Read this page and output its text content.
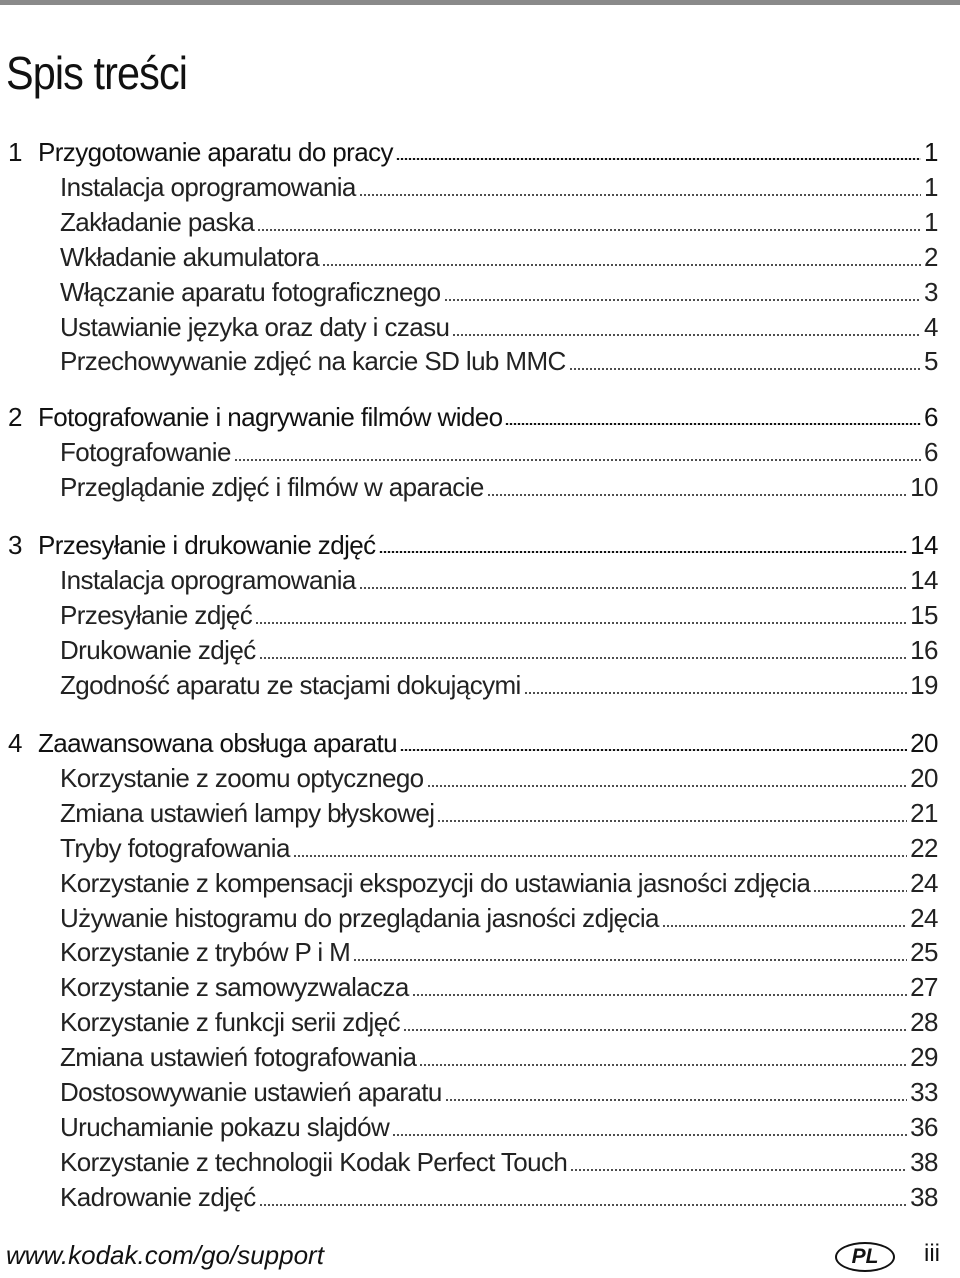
Spis treści
1 Przygotowanie aparatu do pracy	1
Instalacja oprogramowania	1
Zakładanie paska	1
Wkładanie akumulatora	2
Włączanie aparatu fotograficznego	3
Ustawianie języka oraz daty i czasu	4
Przechowywanie zdjęć na karcie SD lub MMC	5
2 Fotografowanie i nagrywanie filmów wideo	6
Fotografowanie	6
Przeglądanie zdjęć i filmów w aparacie	10
3 Przesyłanie i drukowanie zdjęć	14
Instalacja oprogramowania	14
Przesyłanie zdjęć	15
Drukowanie zdjęć	16
Zgodność aparatu ze stacjami dokującymi	19
4 Zaawansowana obsługa aparatu	20
Korzystanie z zoomu optycznego	20
Zmiana ustawień lampy błyskowej	21
Tryby fotografowania	22
Korzystanie z kompensacji ekspozycji do ustawiania jasności zdjęcia	24
Używanie histogramu do przeglądania jasności zdjęcia	24
Korzystanie z trybów P i M	25
Korzystanie z samowyzwalacza	27
Korzystanie z funkcji serii zdjęć	28
Zmiana ustawień fotografowania	29
Dostosowywanie ustawień aparatu	33
Uruchamianie pokazu slajdów	36
Korzystanie z technologii Kodak Perfect Touch	38
Kadrowanie zdjęć	38
www.kodak.com/go/support	PL iii
